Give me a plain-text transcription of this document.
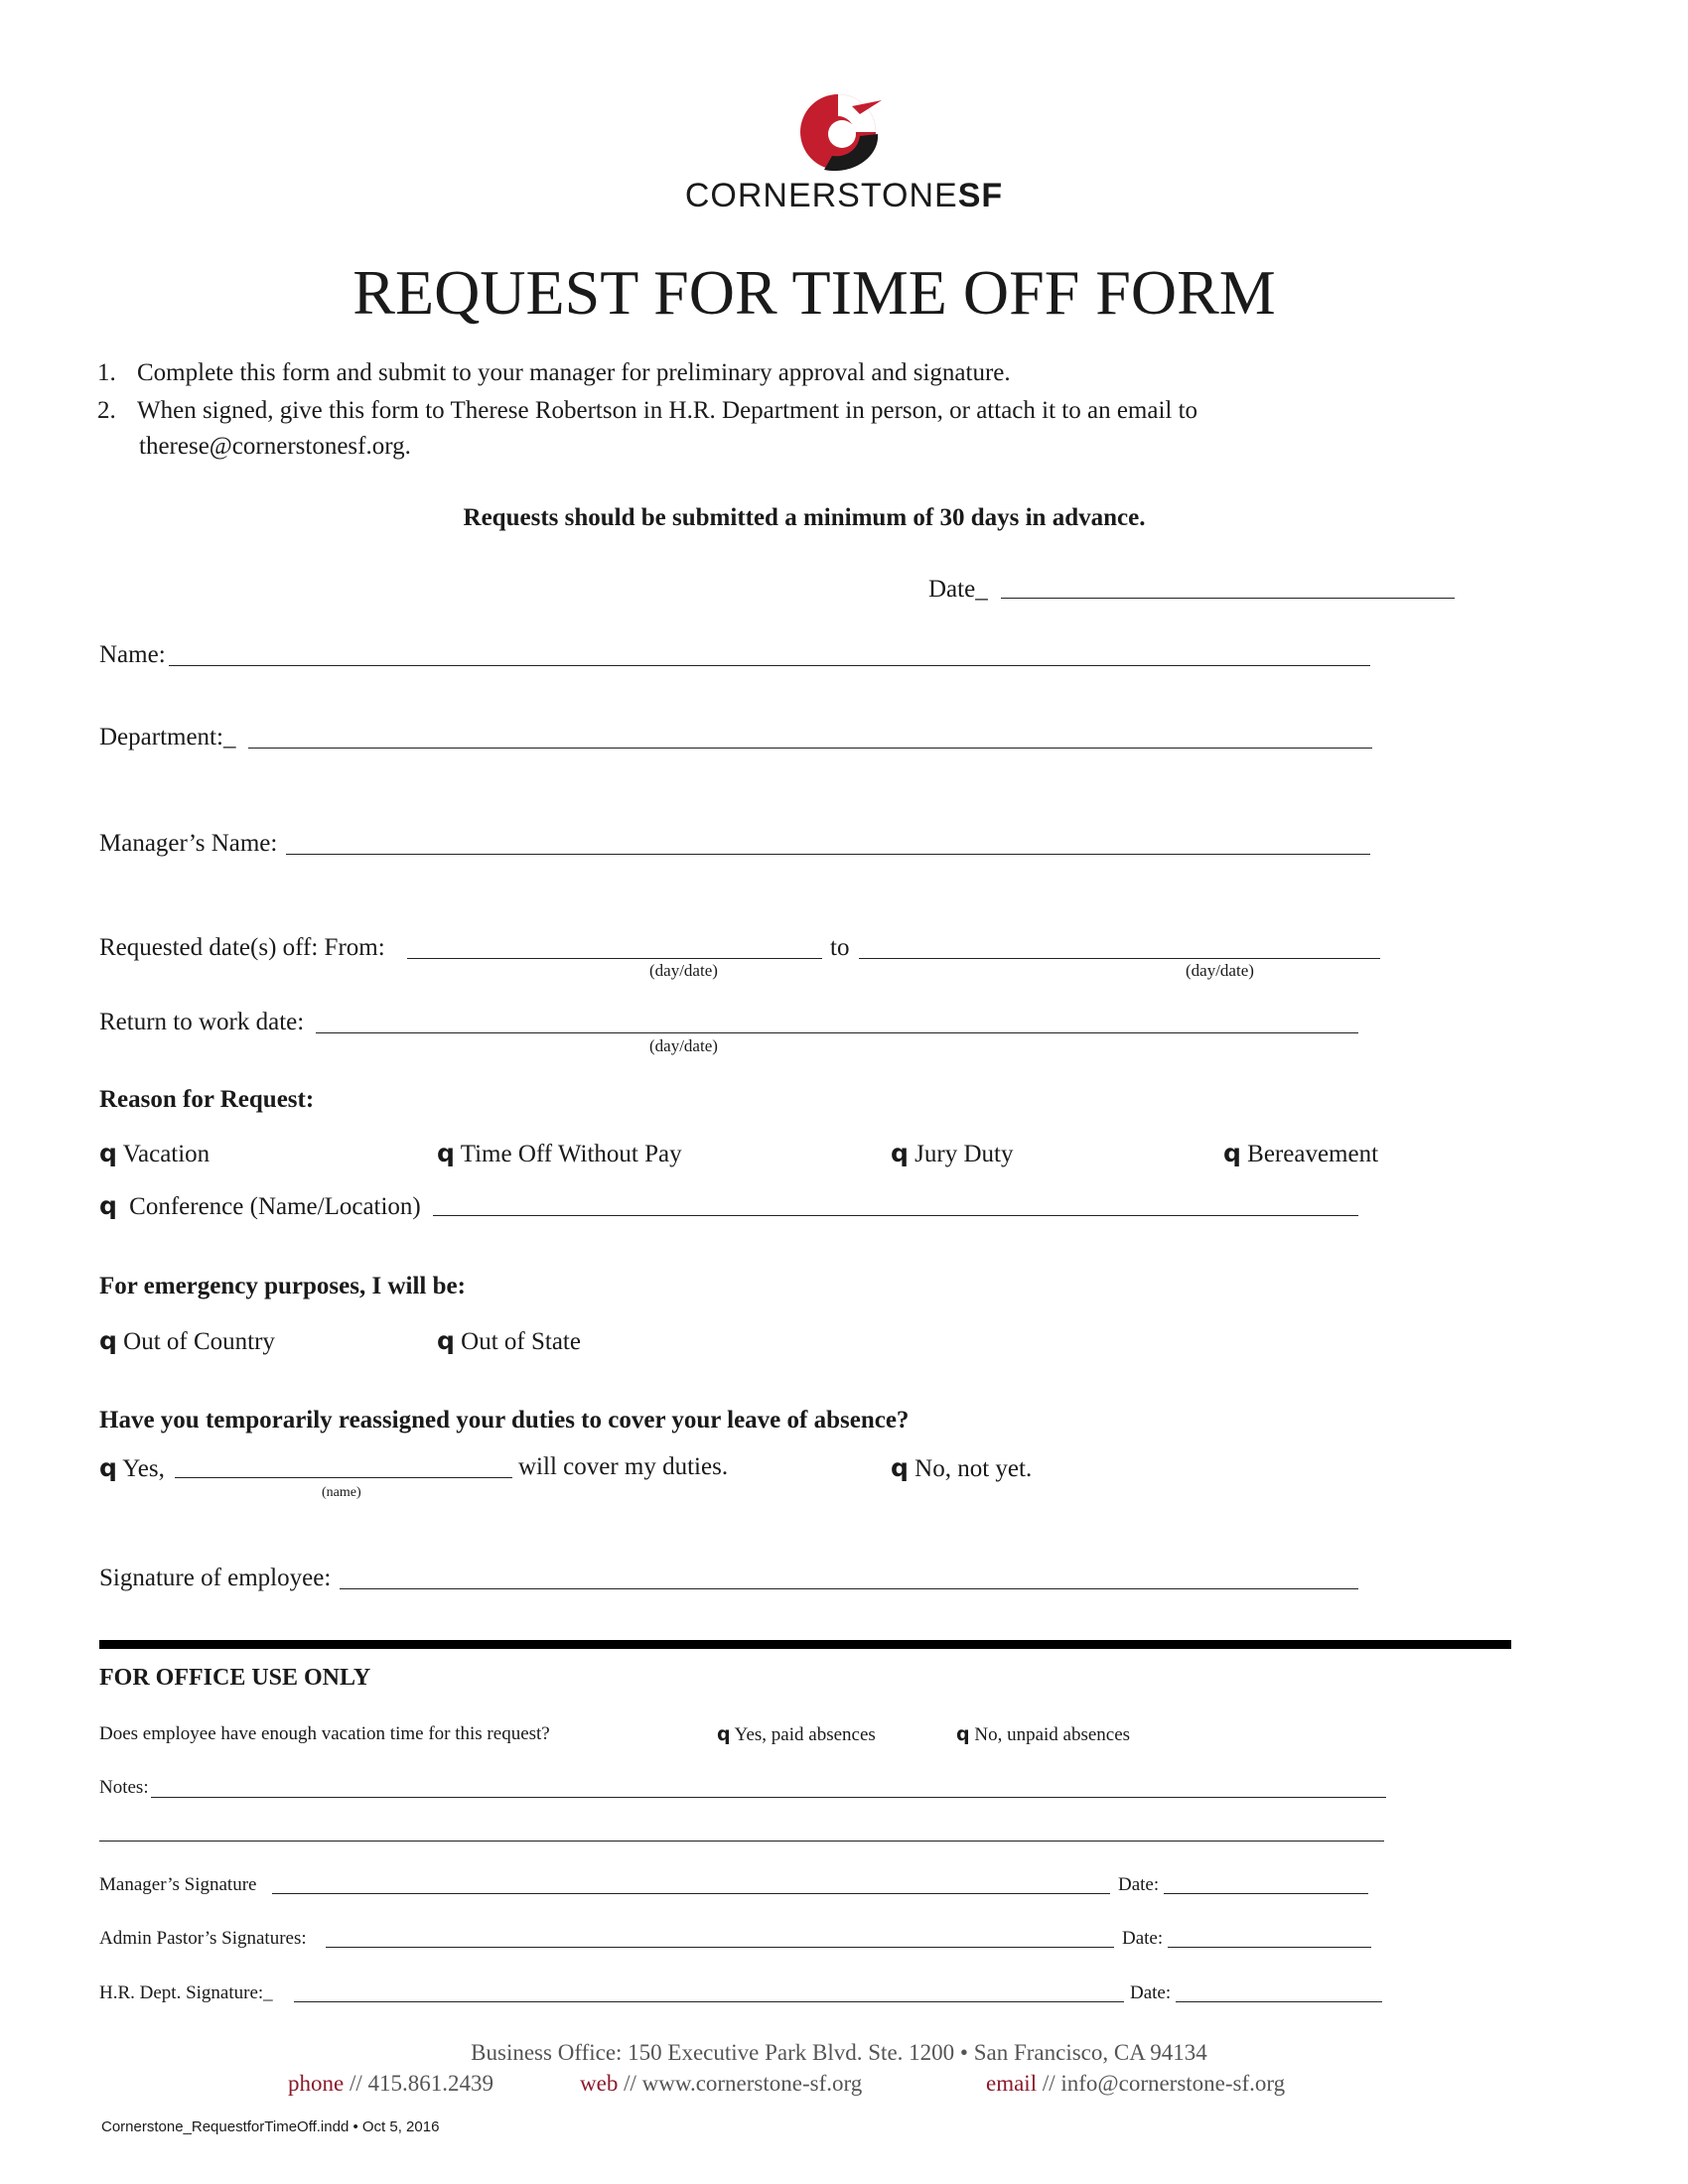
CORNERSTONESF
REQUEST FOR TIME OFF FORM
1. Complete this form and submit to your manager for preliminary approval and signature.
2. When signed, give this form to Therese Robertson in H.R. Department in person, or attach it to an email to
therese@cornerstonesf.org.
Requests should be submitted a minimum of 30 days in advance.
Date_
Name:
Department:_
Manager’s Name:
Requested date(s) off: From:	to
(day/date)	(day/date)
Return to work date:
(day/date)
Reason for Request:
q Vacation	q Time Off Without Pay	q Jury Duty	q Bereavement
q Conference (Name/Location)
For emergency purposes, I will be:
q Out of Country	q Out of State
Have you temporarily reassigned your duties to cover your leave of absence?
q Yes,	will cover my duties.
(name)
q No, not yet.
Signature of employee:
FOR OFFICE USE ONLY
Does employee have enough vacation time for this request?	q Yes, paid absences	q No, unpaid absences
Notes:
Manager’s Signature	Date:
Admin Pastor’s Signatures:	Date:
H.R. Dept. Signature:_	Date:
Business Office: 150 Executive Park Blvd. Ste. 1200 • San Francisco, CA 94134
phone // 415.861.2439	web // www.cornerstone-sf.org	email // info@cornerstone-sf.org
Cornerstone_RequestforTimeOff.indd • Oct 5, 2016
